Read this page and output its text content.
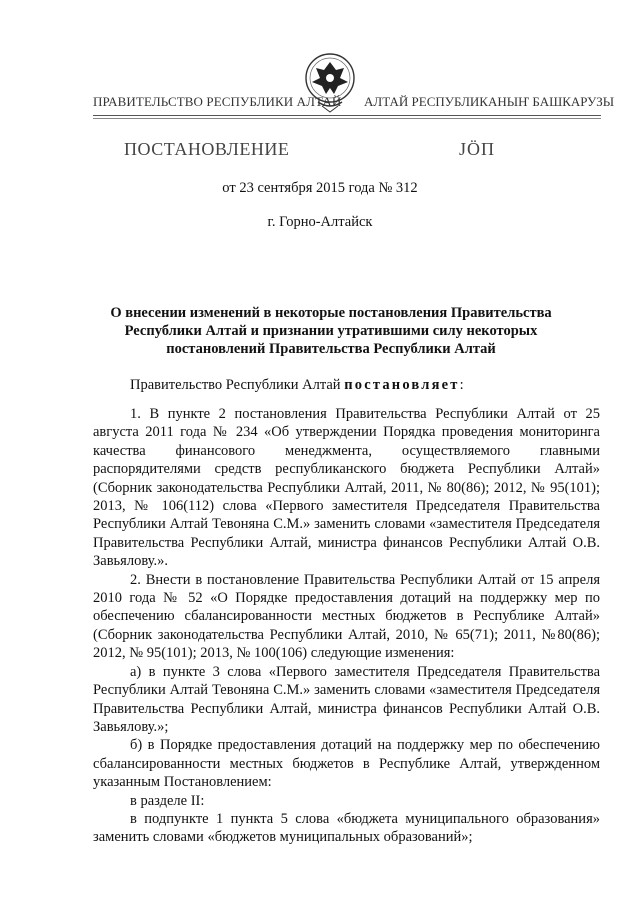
ПРАВИТЕЛЬСТВО РЕСПУБЛИКИ АЛТАЙ АЛТАЙ РЕСПУБЛИКАНЫҤ БАШКАРУЗЫ
ПОСТАНОВЛЕНИЕ	ЈӦП
от 23 сентября 2015 года № 312
г. Горно-Алтайск
О внесении изменений в некоторые постановления Правительства Республики Алтай и признании утратившими силу некоторых постановлений Правительства Республики Алтай
Правительство Республики Алтай постановляет:

1. В пункте 2 постановления Правительства Республики Алтай от 25 августа 2011 года № 234 «Об утверждении Порядка проведения мониторинга качества финансового менеджмента, осуществляемого главными распорядителями средств республиканского бюджета Республики Алтай» (Сборник законодательства Республики Алтай, 2011, № 80(86); 2012, № 95(101); 2013, № 106(112) слова «Первого заместителя Председателя Правительства Республики Алтай Тевоняна С.М.» заменить словами «заместителя Председателя Правительства Республики Алтай, министра финансов Республики Алтай О.В. Завьялову.».

2. Внести в постановление Правительства Республики Алтай от 15 апреля 2010 года № 52 «О Порядке предоставления дотаций на поддержку мер по обеспечению сбалансированности местных бюджетов в Республике Алтай» (Сборник законодательства Республики Алтай, 2010, № 65(71); 2011, №80(86); 2012, № 95(101); 2013, № 100(106) следующие изменения:

а) в пункте 3 слова «Первого заместителя Председателя Правительства Республики Алтай Тевоняна С.М.» заменить словами «заместителя Председателя Правительства Республики Алтай, министра финансов Республики Алтай О.В. Завьялову.»;

б) в Порядке предоставления дотаций на поддержку мер по обеспечению сбалансированности местных бюджетов в Республике Алтай, утвержденном указанным Постановлением:

в разделе II:

в подпункте 1 пункта 5 слова «бюджета муниципального образования» заменить словами «бюджетов муниципальных образований»;
